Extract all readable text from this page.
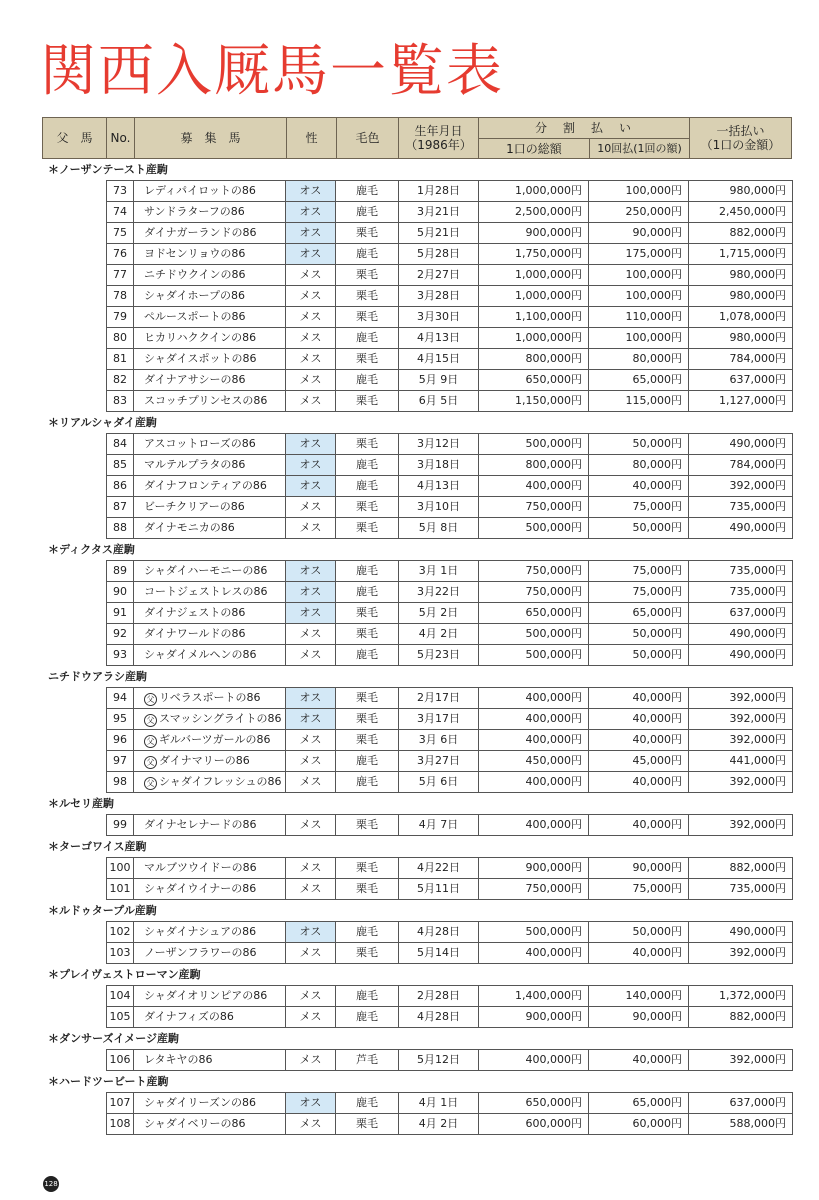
関西入厩馬一覧表
父　馬	No.	募　集　馬	性	毛色	生年月日
（1986年）
分　割　払　い
1口の総額	10回払(1回の額)
一括払い
（1口の金額）
＊ノーザンテースト産駒
73	レディパイロットの86	オス	鹿毛	1月28日	1,000,000円	100,000円	980,000円
74	サンドラターフの86	オス	鹿毛	3月21日	2,500,000円	250,000円	2,450,000円
75	ダイナガーランドの86	オス	栗毛	5月21日	900,000円	90,000円	882,000円
76	ヨドセンリョウの86	オス	鹿毛	5月28日	1,750,000円	175,000円	1,715,000円
77	ニチドウクインの86	メス	栗毛	2月27日	1,000,000円	100,000円	980,000円
78	シャダイホープの86	メス	栗毛	3月28日	1,000,000円	100,000円	980,000円
79	ペルースポートの86	メス	栗毛	3月30日	1,100,000円	110,000円	1,078,000円
80	ヒカリハククインの86	メス	鹿毛	4月13日	1,000,000円	100,000円	980,000円
81	シャダイスポットの86	メス	栗毛	4月15日	800,000円	80,000円	784,000円
82	ダイナアサシーの86	メス	鹿毛	5月 9日	650,000円	65,000円	637,000円
83	スコッチプリンセスの86	メス	栗毛	6月 5日	1,150,000円	115,000円	1,127,000円
＊リアルシャダイ産駒
84	アスコットローズの86	オス	栗毛	3月12日	500,000円	50,000円	490,000円
85	マルテルプラタの86	オス	鹿毛	3月18日	800,000円	80,000円	784,000円
86	ダイナフロンティアの86	オス	鹿毛	4月13日	400,000円	40,000円	392,000円
87	ビーチクリアーの86	メス	栗毛	3月10日	750,000円	75,000円	735,000円
88	ダイナモニカの86	メス	栗毛	5月 8日	500,000円	50,000円	490,000円
＊ディクタス産駒
89	シャダイハーモニーの86	オス	鹿毛	3月 1日	750,000円	75,000円	735,000円
90	コートジェストレスの86	オス	鹿毛	3月22日	750,000円	75,000円	735,000円
91	ダイナジェストの86	オス	栗毛	5月 2日	650,000円	65,000円	637,000円
92	ダイナワールドの86	メス	栗毛	4月 2日	500,000円	50,000円	490,000円
93	シャダイメルヘンの86	メス	鹿毛	5月23日	500,000円	50,000円	490,000円
ニチドウアラシ産駒
94	父 リベラスポートの86	オス	栗毛	2月17日	400,000円	40,000円	392,000円
95	父 スマッシングライトの86	オス	栗毛	3月17日	400,000円	40,000円	392,000円
96	父 ギルバーツガールの86	メス	栗毛	3月 6日	400,000円	40,000円	392,000円
97	父 ダイナマリーの86	メス	鹿毛	3月27日	450,000円	45,000円	441,000円
98	父 シャダイフレッシュの86	メス	鹿毛	5月 6日	400,000円	40,000円	392,000円
＊ルセリ産駒
99	ダイナセレナードの86	メス	栗毛	4月 7日	400,000円	40,000円	392,000円
＊ターゴワイス産駒
100	マルブツウイドーの86	メス	栗毛	4月22日	900,000円	90,000円	882,000円
101	シャダイウイナーの86	メス	栗毛	5月11日	750,000円	75,000円	735,000円
＊ルドゥタープル産駒
102	シャダイナシュアの86	オス	鹿毛	4月28日	500,000円	50,000円	490,000円
103	ノーザンフラワーの86	メス	栗毛	5月14日	400,000円	40,000円	392,000円
＊プレイヴェストローマン産駒
104	シャダイオリンピアの86	メス	鹿毛	2月28日	1,400,000円	140,000円	1,372,000円
105	ダイナフィズの86	メス	鹿毛	4月28日	900,000円	90,000円	882,000円
＊ダンサーズイメージ産駒
106	レタキヤの86	メス	芦毛	5月12日	400,000円	40,000円	392,000円
＊ハードツービート産駒
107	シャダイリーズンの86	オス	鹿毛	4月 1日	650,000円	65,000円	637,000円
108	シャダイベリーの86	メス	栗毛	4月 2日	600,000円	60,000円	588,000円
128
